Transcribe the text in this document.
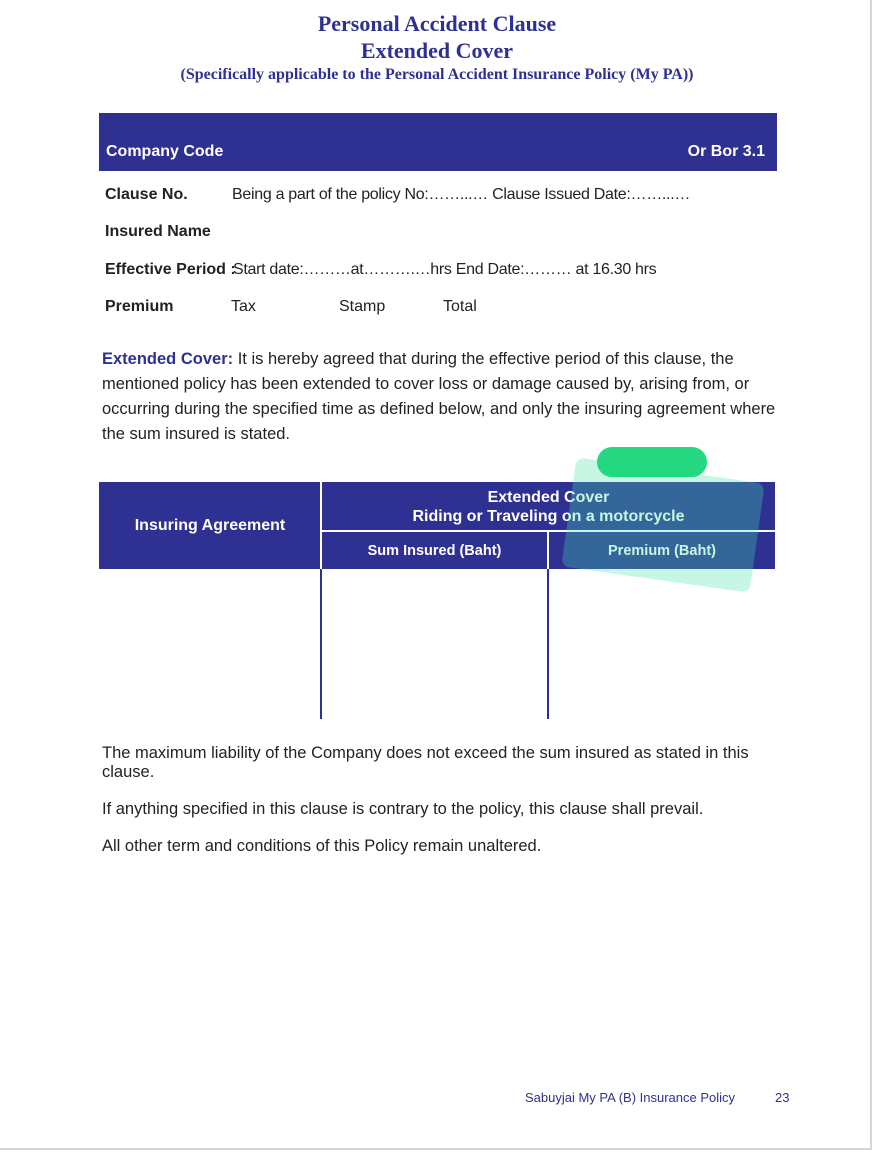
Personal Accident Clause
Extended Cover
(Specifically applicable to the Personal Accident Insurance Policy (My PA))
Company Code	Or Bor 3.1
Clause No.	Being a part of the policy No:……...… Clause Issued Date:……...…
Insured Name
Effective Period :
Start date:………at……….…hrs End Date:……… at 16.30 hrs
Premium	Tax	Stamp	Total
Extended Cover: It is hereby agreed that during the effective period of this clause, the mentioned policy has been extended to cover loss or damage caused by, arising from, or occurring during the specified time as defined below, and only the insuring agreement where the sum insured is stated.
Insuring Agreement
Extended Cover
Riding or Traveling on a motorcycle
Sum Insured (Baht)	Premium (Baht)
The maximum liability of the Company does not exceed the sum insured as stated in this clause.
If anything specified in this clause is contrary to the policy, this clause shall prevail.
All other term and conditions of this Policy remain unaltered.
Sabuyjai My PA (B) Insurance Policy	23
